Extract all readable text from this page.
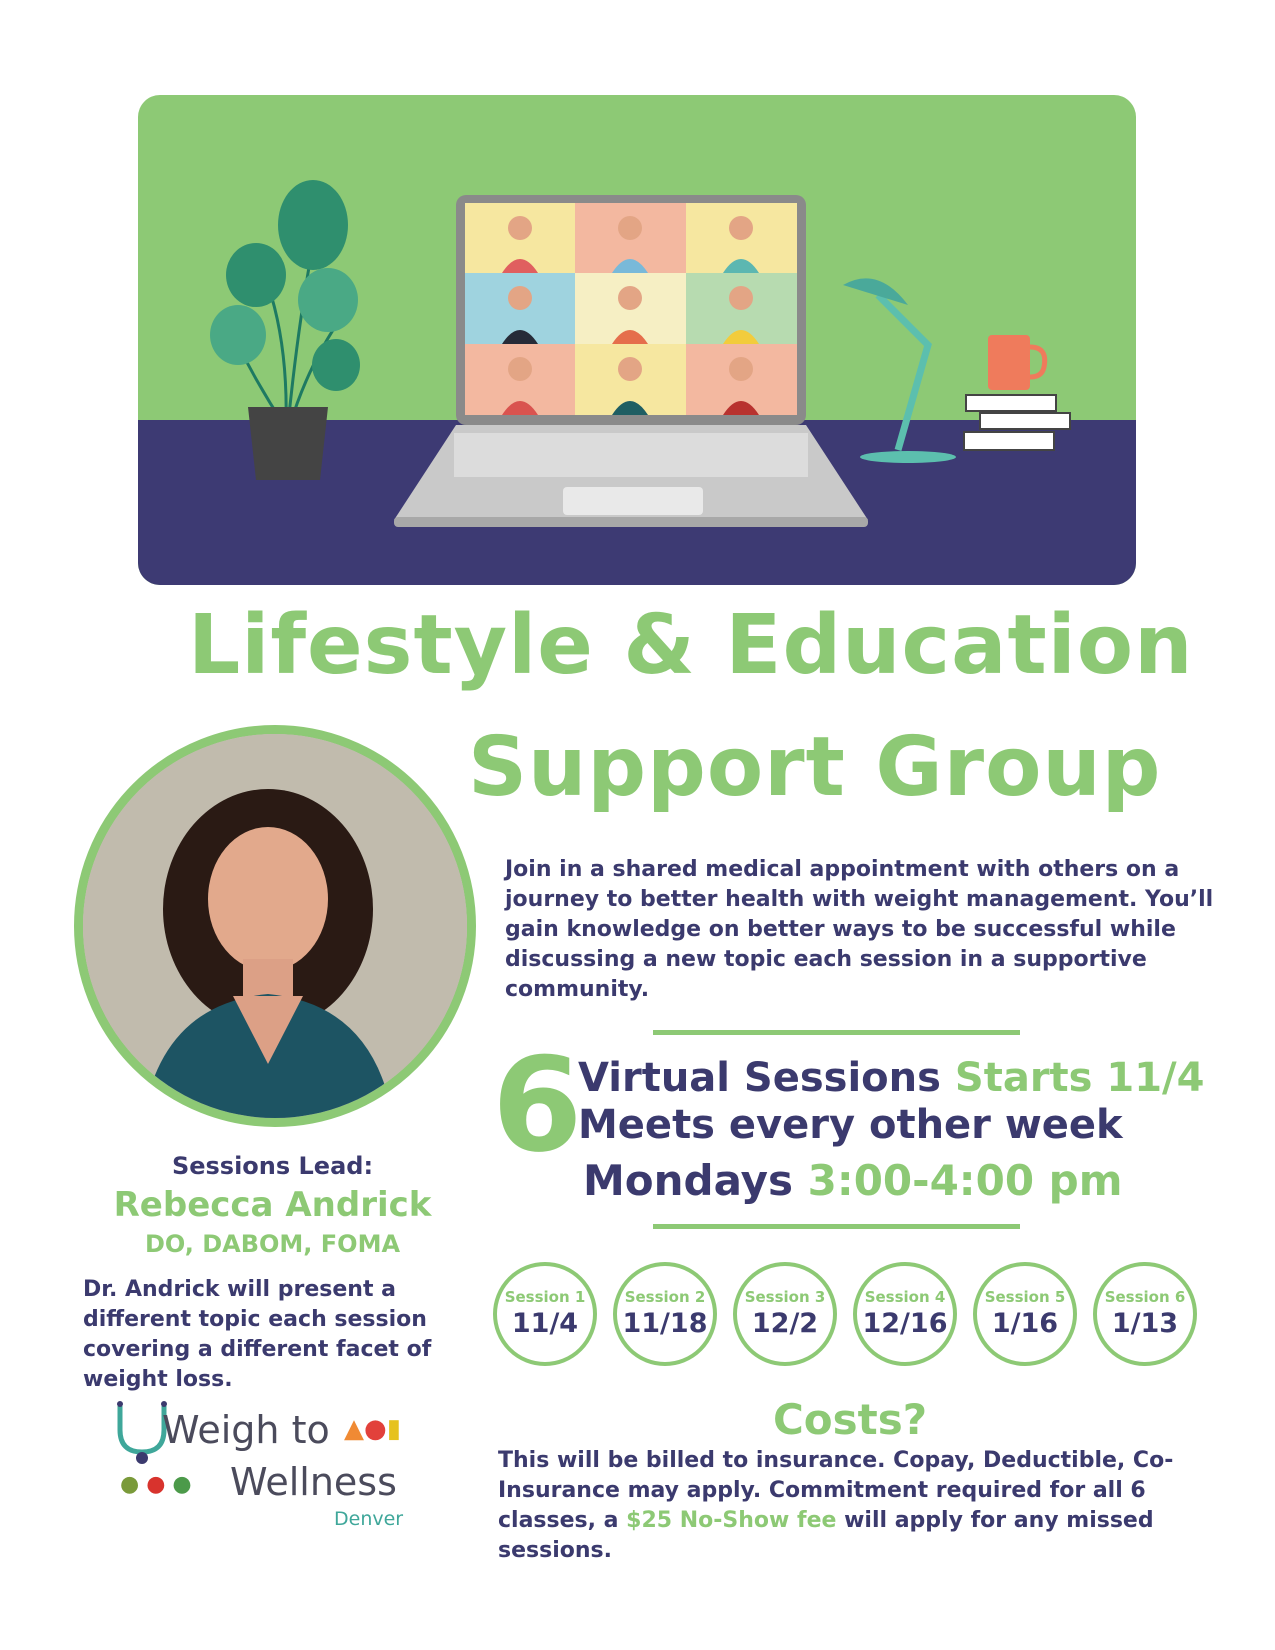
Lifestyle & Education
Support Group
Join in a shared medical appointment with others on a journey to better health with weight management. You’ll gain knowledge on better ways to be successful while discussing a new topic each session in a supportive community.
6
Virtual Sessions Starts 11/4
Meets every other week
Mondays 3:00-4:00 pm
Sessions Lead:
Rebecca Andrick
DO, DABOM, FOMA
Dr. Andrick will present a different topic each session covering a different facet of weight loss.
Session 1
11/4
Session 2
11/18
Session 3
12/2
Session 4
12/16
Session 5
1/16
Session 6
1/13
Weigh to ▲●▮
● ● ● Wellness
Denver
Costs?
This will be billed to insurance. Copay, Deductible, Co-Insurance may apply. Commitment required for all 6 classes, a $25 No-Show fee will apply for any missed sessions.
